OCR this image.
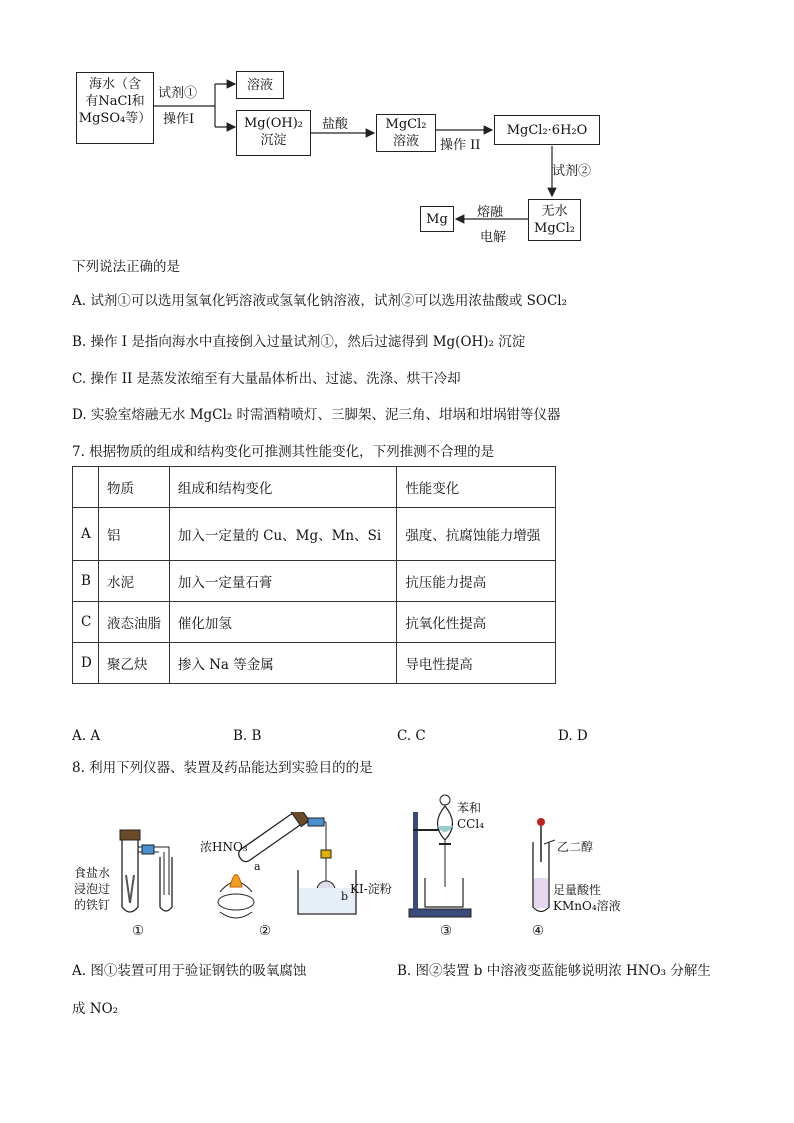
海水（含
有NaCl和
MgSO₄等）
试剂①
操作I
溶液
Mg(OH)₂
沉淀
盐酸	MgCl₂
溶液	操作 II
MgCl₂·6H₂O
试剂②
无水
MgCl₂
熔融
电解
Mg
下列说法正确的是
A. 试剂①可以选用氢氧化钙溶液或氢氧化钠溶液，试剂②可以选用浓盐酸或 SOCl₂
B. 操作 I 是指向海水中直接倒入过量试剂①，然后过滤得到 Mg(OH)₂ 沉淀
C. 操作 II 是蒸发浓缩至有大量晶体析出、过滤、洗涤、烘干冷却
D. 实验室熔融无水 MgCl₂ 时需酒精喷灯、三脚架、泥三角、坩埚和坩埚钳等仪器
7. 根据物质的组成和结构变化可推测其性能变化，下列推测不合理的是
	物质	组成和结构变化	性能变化
A	铝	加入一定量的 Cu、Mg、Mn、Si	强度、抗腐蚀能力增强
B	水泥	加入一定量石膏	抗压能力提高
C	液态油脂	催化加氢	抗氧化性提高
D	聚乙炔	掺入 Na 等金属	导电性提高
A. A	B. B	C. C	D. D
8. 利用下列仪器、装置及药品能达到实验目的的是
食盐水
浸泡过
的铁钉
①
浓HNO₃
a
b
KI-淀粉
②
苯和
CCl₄
③
乙二醇
足量酸性
KMnO₄溶液
④
A. 图①装置可用于验证钢铁的吸氧腐蚀	B. 图②装置 b 中溶液变蓝能够说明浓 HNO₃ 分解生
成 NO₂
